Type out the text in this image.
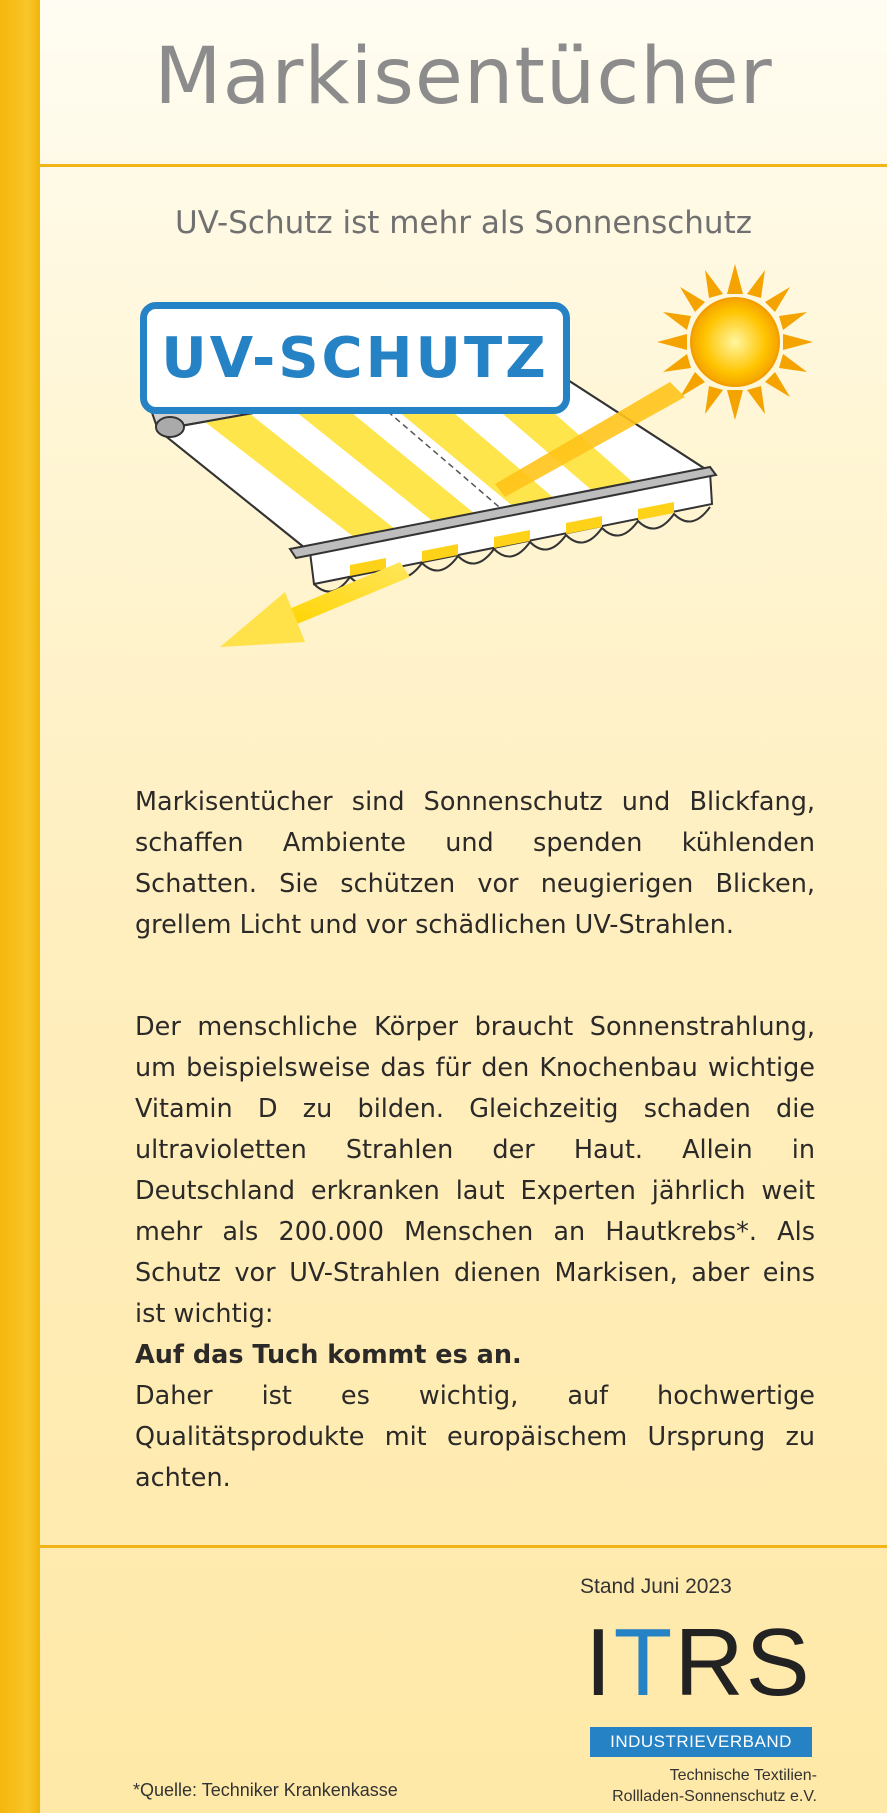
Markisentücher
UV-Schutz ist mehr als Sonnenschutz
UV-SCHUTZ
Markisentücher sind Sonnenschutz und Blickfang, schaffen Ambiente und spenden kühlenden Schatten. Sie schützen vor neugierigen Blicken, grellem Licht und vor schädlichen UV-Strahlen.
Der menschliche Körper braucht Sonnenstrahlung, um beispielsweise das für den Knochenbau wichtige Vitamin D zu bilden. Gleichzeitig schaden die ultravioletten Strahlen der Haut. Allein in Deutschland erkranken laut Experten jährlich weit mehr als 200.000 Menschen an Hautkrebs*. Als Schutz vor UV-Strahlen dienen Markisen, aber eins ist wichtig:
Auf das Tuch kommt es an.
Daher ist es wichtig, auf hochwertige Qualitätsprodukte mit europäischem Ursprung zu achten.
Stand Juni 2023
ITRS
INDUSTRIEVERBAND
Technische Textilien-
Rollladen-Sonnenschutz e.V.
*Quelle: Techniker Krankenkasse
